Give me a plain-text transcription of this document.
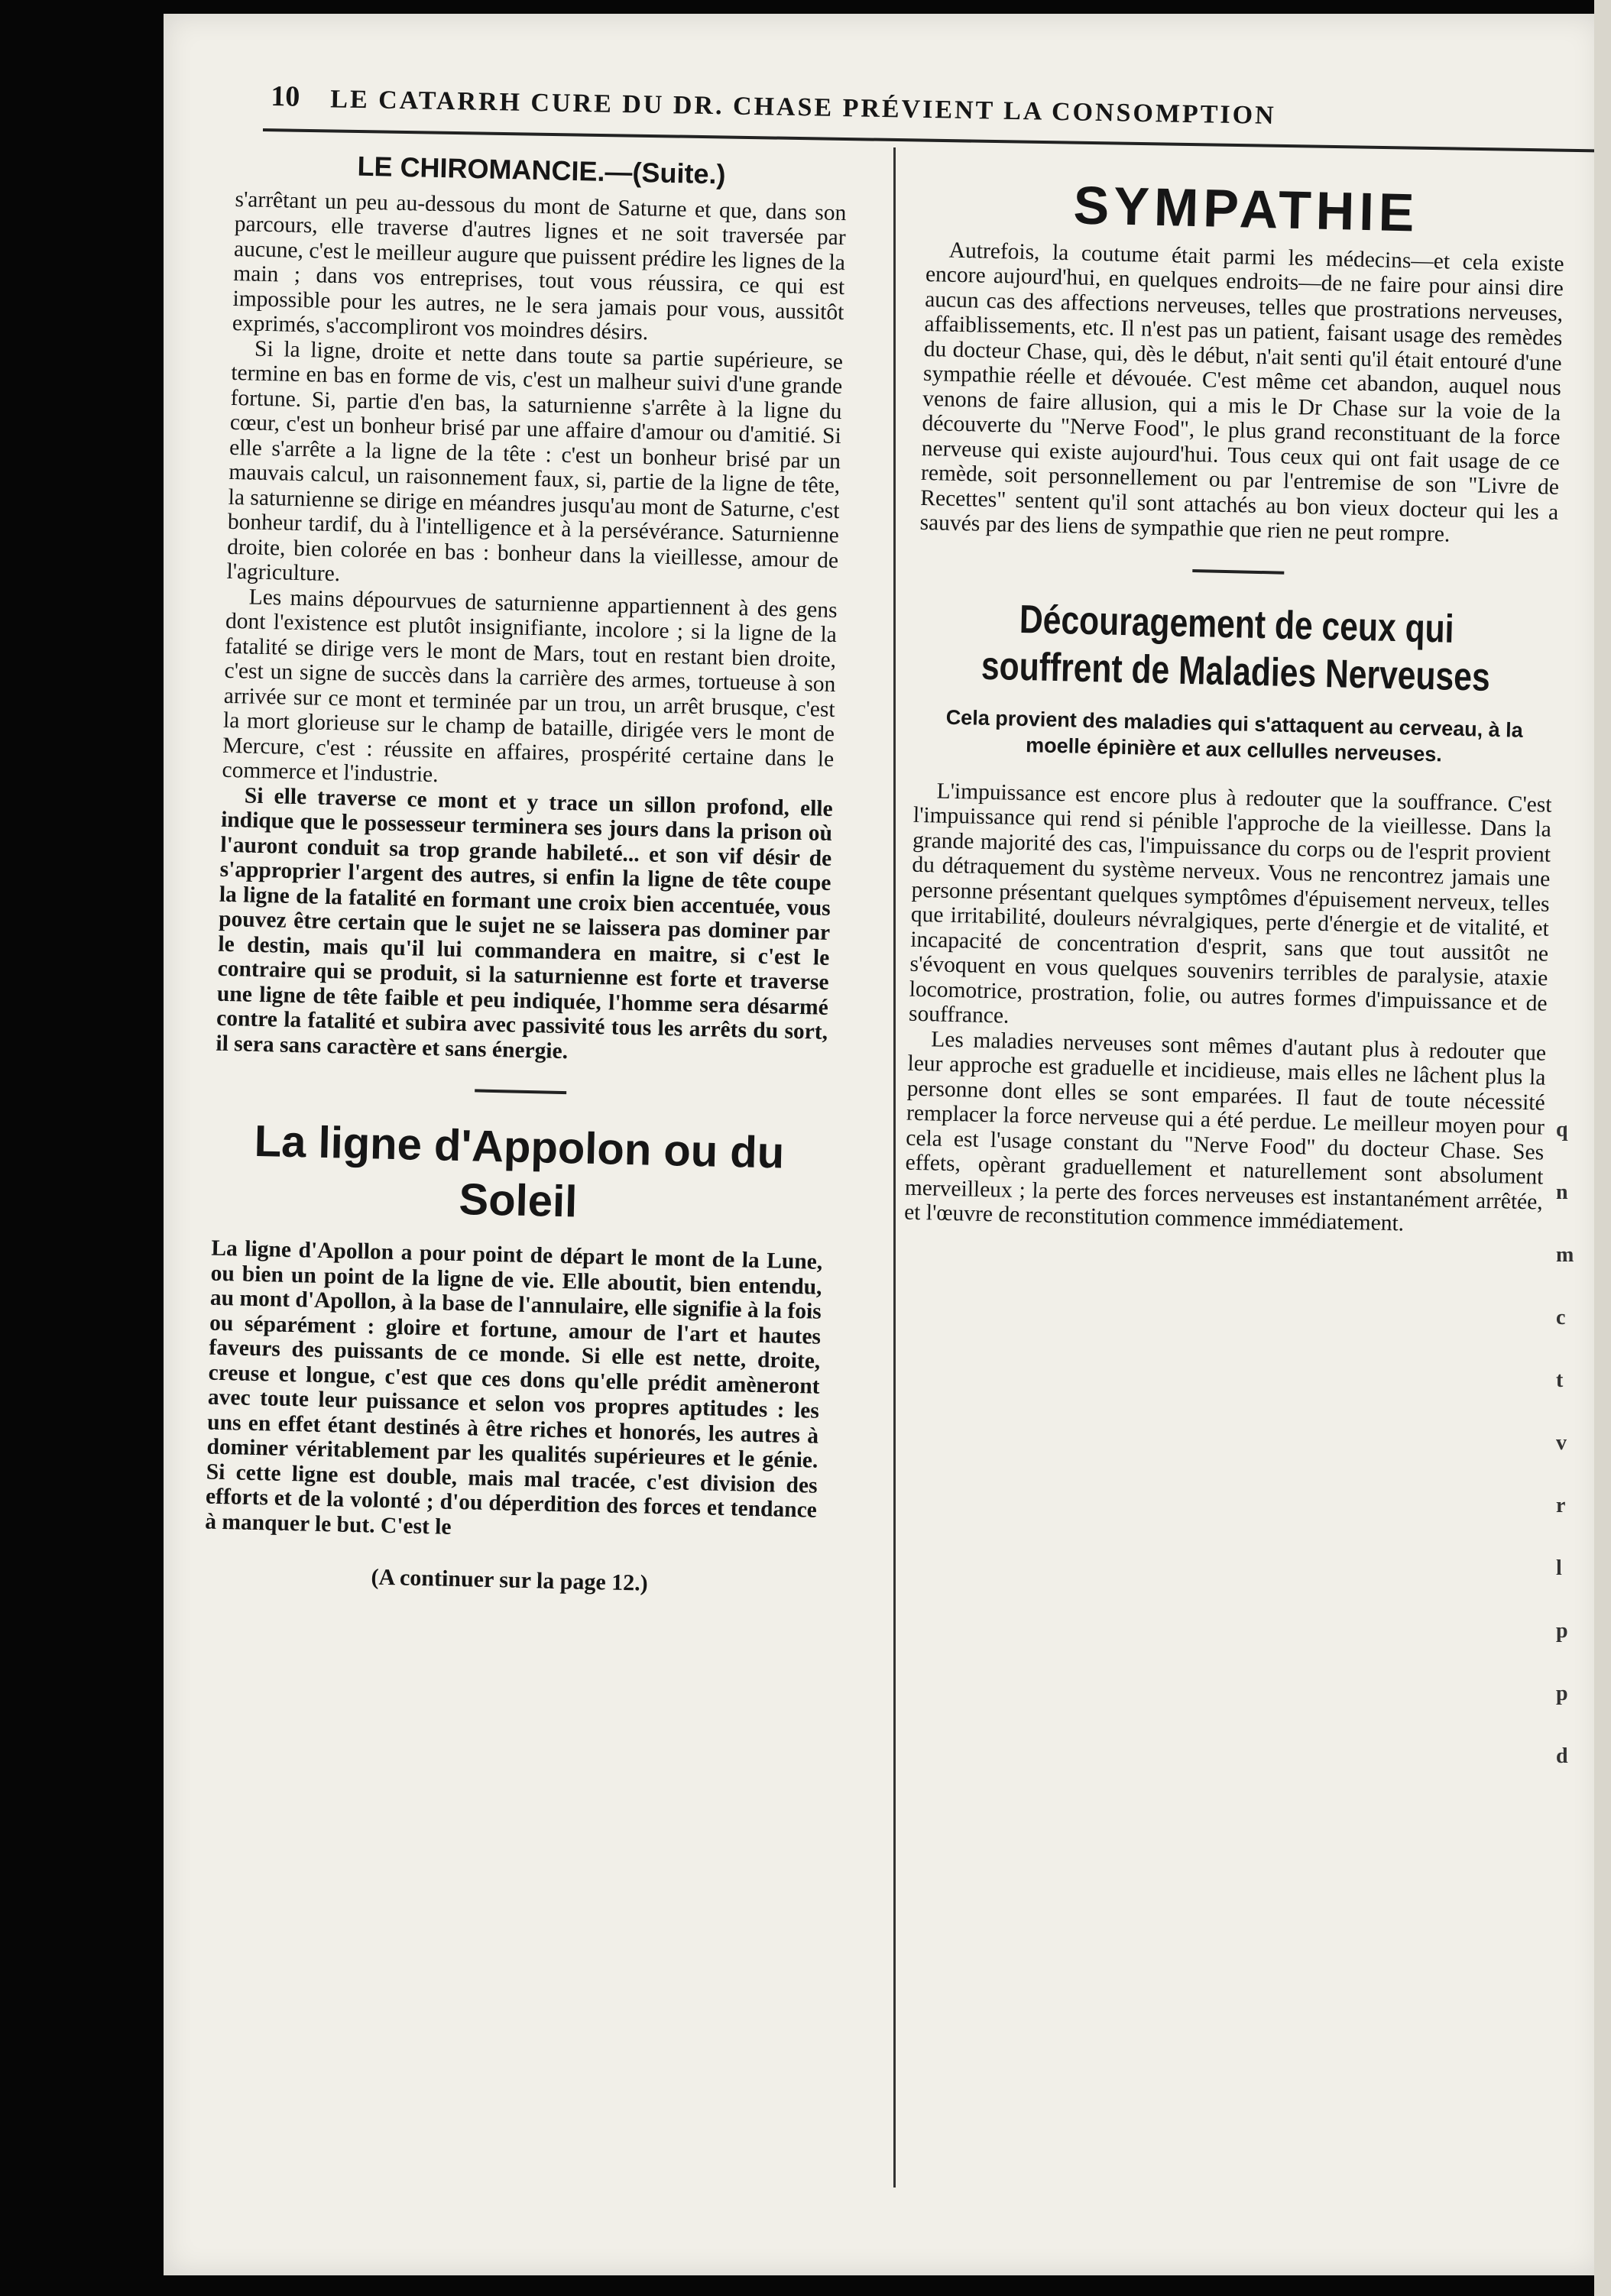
10 LE CATARRH CURE DU DR. CHASE PRÉVIENT LA CONSOMPTION
LE CHIROMANCIE.—(Suite.)

s'arrêtant un peu au-dessous du mont de Saturne et que, dans son parcours, elle traverse d'autres lignes et ne soit traversée par aucune, c'est le meilleur augure que puissent prédire les lignes de la main ; dans vos entreprises, tout vous réussira, ce qui est impossible pour les autres, ne le sera jamais pour vous, aussitôt exprimés, s'accompliront vos moindres désirs.

Si la ligne, droite et nette dans toute sa partie supérieure, se termine en bas en forme de vis, c'est un malheur suivi d'une grande fortune. Si, partie d'en bas, la saturnienne s'arrête à la ligne du cœur, c'est un bonheur brisé par une affaire d'amour ou d'amitié. Si elle s'arrête a la ligne de la tête : c'est un bonheur brisé par un mauvais calcul, un raisonnement faux, si, partie de la ligne de tête, la saturnienne se dirige en méandres jusqu'au mont de Saturne, c'est bonheur tardif, du à l'intelligence et à la persévérance. Saturnienne droite, bien colorée en bas : bonheur dans la vieillesse, amour de l'agriculture.

Les mains dépourvues de saturnienne appartiennent à des gens dont l'existence est plutôt insignifiante, incolore ; si la ligne de la fatalité se dirige vers le mont de Mars, tout en restant bien droite, c'est un signe de succès dans la carrière des armes, tortueuse à son arrivée sur ce mont et terminée par un trou, un arrêt brusque, c'est la mort glorieuse sur le champ de bataille, dirigée vers le mont de Mercure, c'est : réussite en affaires, prospérité certaine dans le commerce et l'industrie.

Si elle traverse ce mont et y trace un sillon profond, elle indique que le possesseur terminera ses jours dans la prison où l'auront conduit sa trop grande habileté... et son vif désir de s'approprier l'argent des autres, si enfin la ligne de tête coupe la ligne de la fatalité en formant une croix bien accentuée, vous pouvez être certain que le sujet ne se laissera pas dominer par le destin, mais qu'il lui commandera en maitre, si c'est le contraire qui se produit, si la saturnienne est forte et traverse une ligne de tête faible et peu indiquée, l'homme sera désarmé contre la fatalité et subira avec passivité tous les arrêts du sort, il sera sans caractère et sans énergie.

La ligne d'Appolon ou du Soleil

La ligne d'Apollon a pour point de départ le mont de la Lune, ou bien un point de la ligne de vie. Elle aboutit, bien entendu, au mont d'Apollon, à la base de l'annulaire, elle signifie à la fois ou séparément : gloire et fortune, amour de l'art et hautes faveurs des puissants de ce monde. Si elle est nette, droite, creuse et longue, c'est que ces dons qu'elle prédit amèneront avec toute leur puissance et selon vos propres aptitudes : les uns en effet étant destinés à être riches et honorés, les autres à dominer véritablement par les qualités supérieures et le génie. Si cette ligne est double, mais mal tracée, c'est division des efforts et de la volonté ; d'ou déperdition des forces et tendance à manquer le but. C'est le

(A continuer sur la page 12.)
SYMPATHIE

Autrefois, la coutume était parmi les médecins—et cela existe encore aujourd'hui, en quelques endroits—de ne faire pour ainsi dire aucun cas des affections nerveuses, telles que prostrations nerveuses, affaiblissements, etc. Il n'est pas un patient, faisant usage des remèdes du docteur Chase, qui, dès le début, n'ait senti qu'il était entouré d'une sympathie réelle et dévouée. C'est même cet abandon, auquel nous venons de faire allusion, qui a mis le Dr Chase sur la voie de la découverte du "Nerve Food", le plus grand reconstituant de la force nerveuse qui existe aujourd'hui. Tous ceux qui ont fait usage de ce remède, soit personnellement ou par l'entremise de son "Livre de Recettes" sentent qu'il sont attachés au bon vieux docteur qui les a sauvés par des liens de sympathie que rien ne peut rompre.

Découragement de ceux qui souffrent de Maladies Nerveuses
Cela provient des maladies qui s'attaquent au cerveau, à la moelle épinière et aux cellulles nerveuses.

L'impuissance est encore plus à redouter que la souffrance. C'est l'impuissance qui rend si pénible l'approche de la vieillesse. Dans la grande majorité des cas, l'impuissance du corps ou de l'esprit provient du détraquement du système nerveux. Vous ne rencontrez jamais une personne présentant quelques symptômes d'épuisement nerveux, telles que irritabilité, douleurs névralgiques, perte d'énergie et de vitalité, et incapacité de concentration d'esprit, sans que tout aussitôt ne s'évoquent en vous quelques souvenirs terribles de paralysie, ataxie locomotrice, prostration, folie, ou autres formes d'impuissance et de souffrance.

Les maladies nerveuses sont mêmes d'autant plus à redouter que leur approche est graduelle et incidieuse, mais elles ne lâchent plus la personne dont elles se sont emparées. Il faut de toute nécessité remplacer la force nerveuse qui a été perdue. Le meilleur moyen pour cela est l'usage constant du "Nerve Food" du docteur Chase. Ses effets, opèrant graduellement et naturellement sont absolument merveilleux ; la perte des forces nerveuses est instantanément arrêtée, et l'œuvre de reconstitution commence immédiatement.

q
n
m
c
t
v
r
l
p
p
d
